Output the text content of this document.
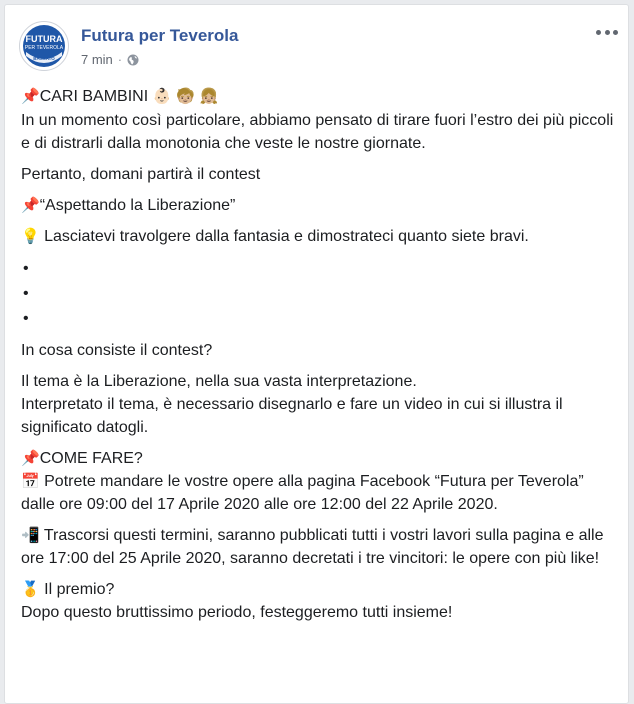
FUTURA
PER TEVEROLA
BASSATO
Futura per Teverola
7 min ·

📌CARI BAMBINI 👶🏻 🧒🏼 👧🏼

In un momento così particolare, abbiamo pensato di tirare fuori l’estro dei più piccoli e di distrarli dalla monotonia che veste le nostre giornate.

Pertanto, domani partirà il contest

📌“Aspettando la Liberazione”

💡 Lasciatevi travolgere dalla fantasia e dimostrateci quanto siete bravi.

•

•

•

In cosa consiste il contest?

Il tema è la Liberazione, nella sua vasta interpretazione.
Interpretato il tema, è necessario disegnarlo e fare un video in cui si illustra il significato datogli.

📌COME FARE?
📅 Potrete mandare le vostre opere alla pagina Facebook “Futura per Teverola” dalle ore 09:00 del 17 Aprile 2020 alle ore 12:00 del 22 Aprile 2020.

📲 Trascorsi questi termini, saranno pubblicati tutti i vostri lavori sulla pagina e alle ore 17:00 del 25 Aprile 2020, saranno decretati i tre vincitori: le opere con più like!

🥇 Il premio?
Dopo questo bruttissimo periodo, festeggeremo tutti insieme!
